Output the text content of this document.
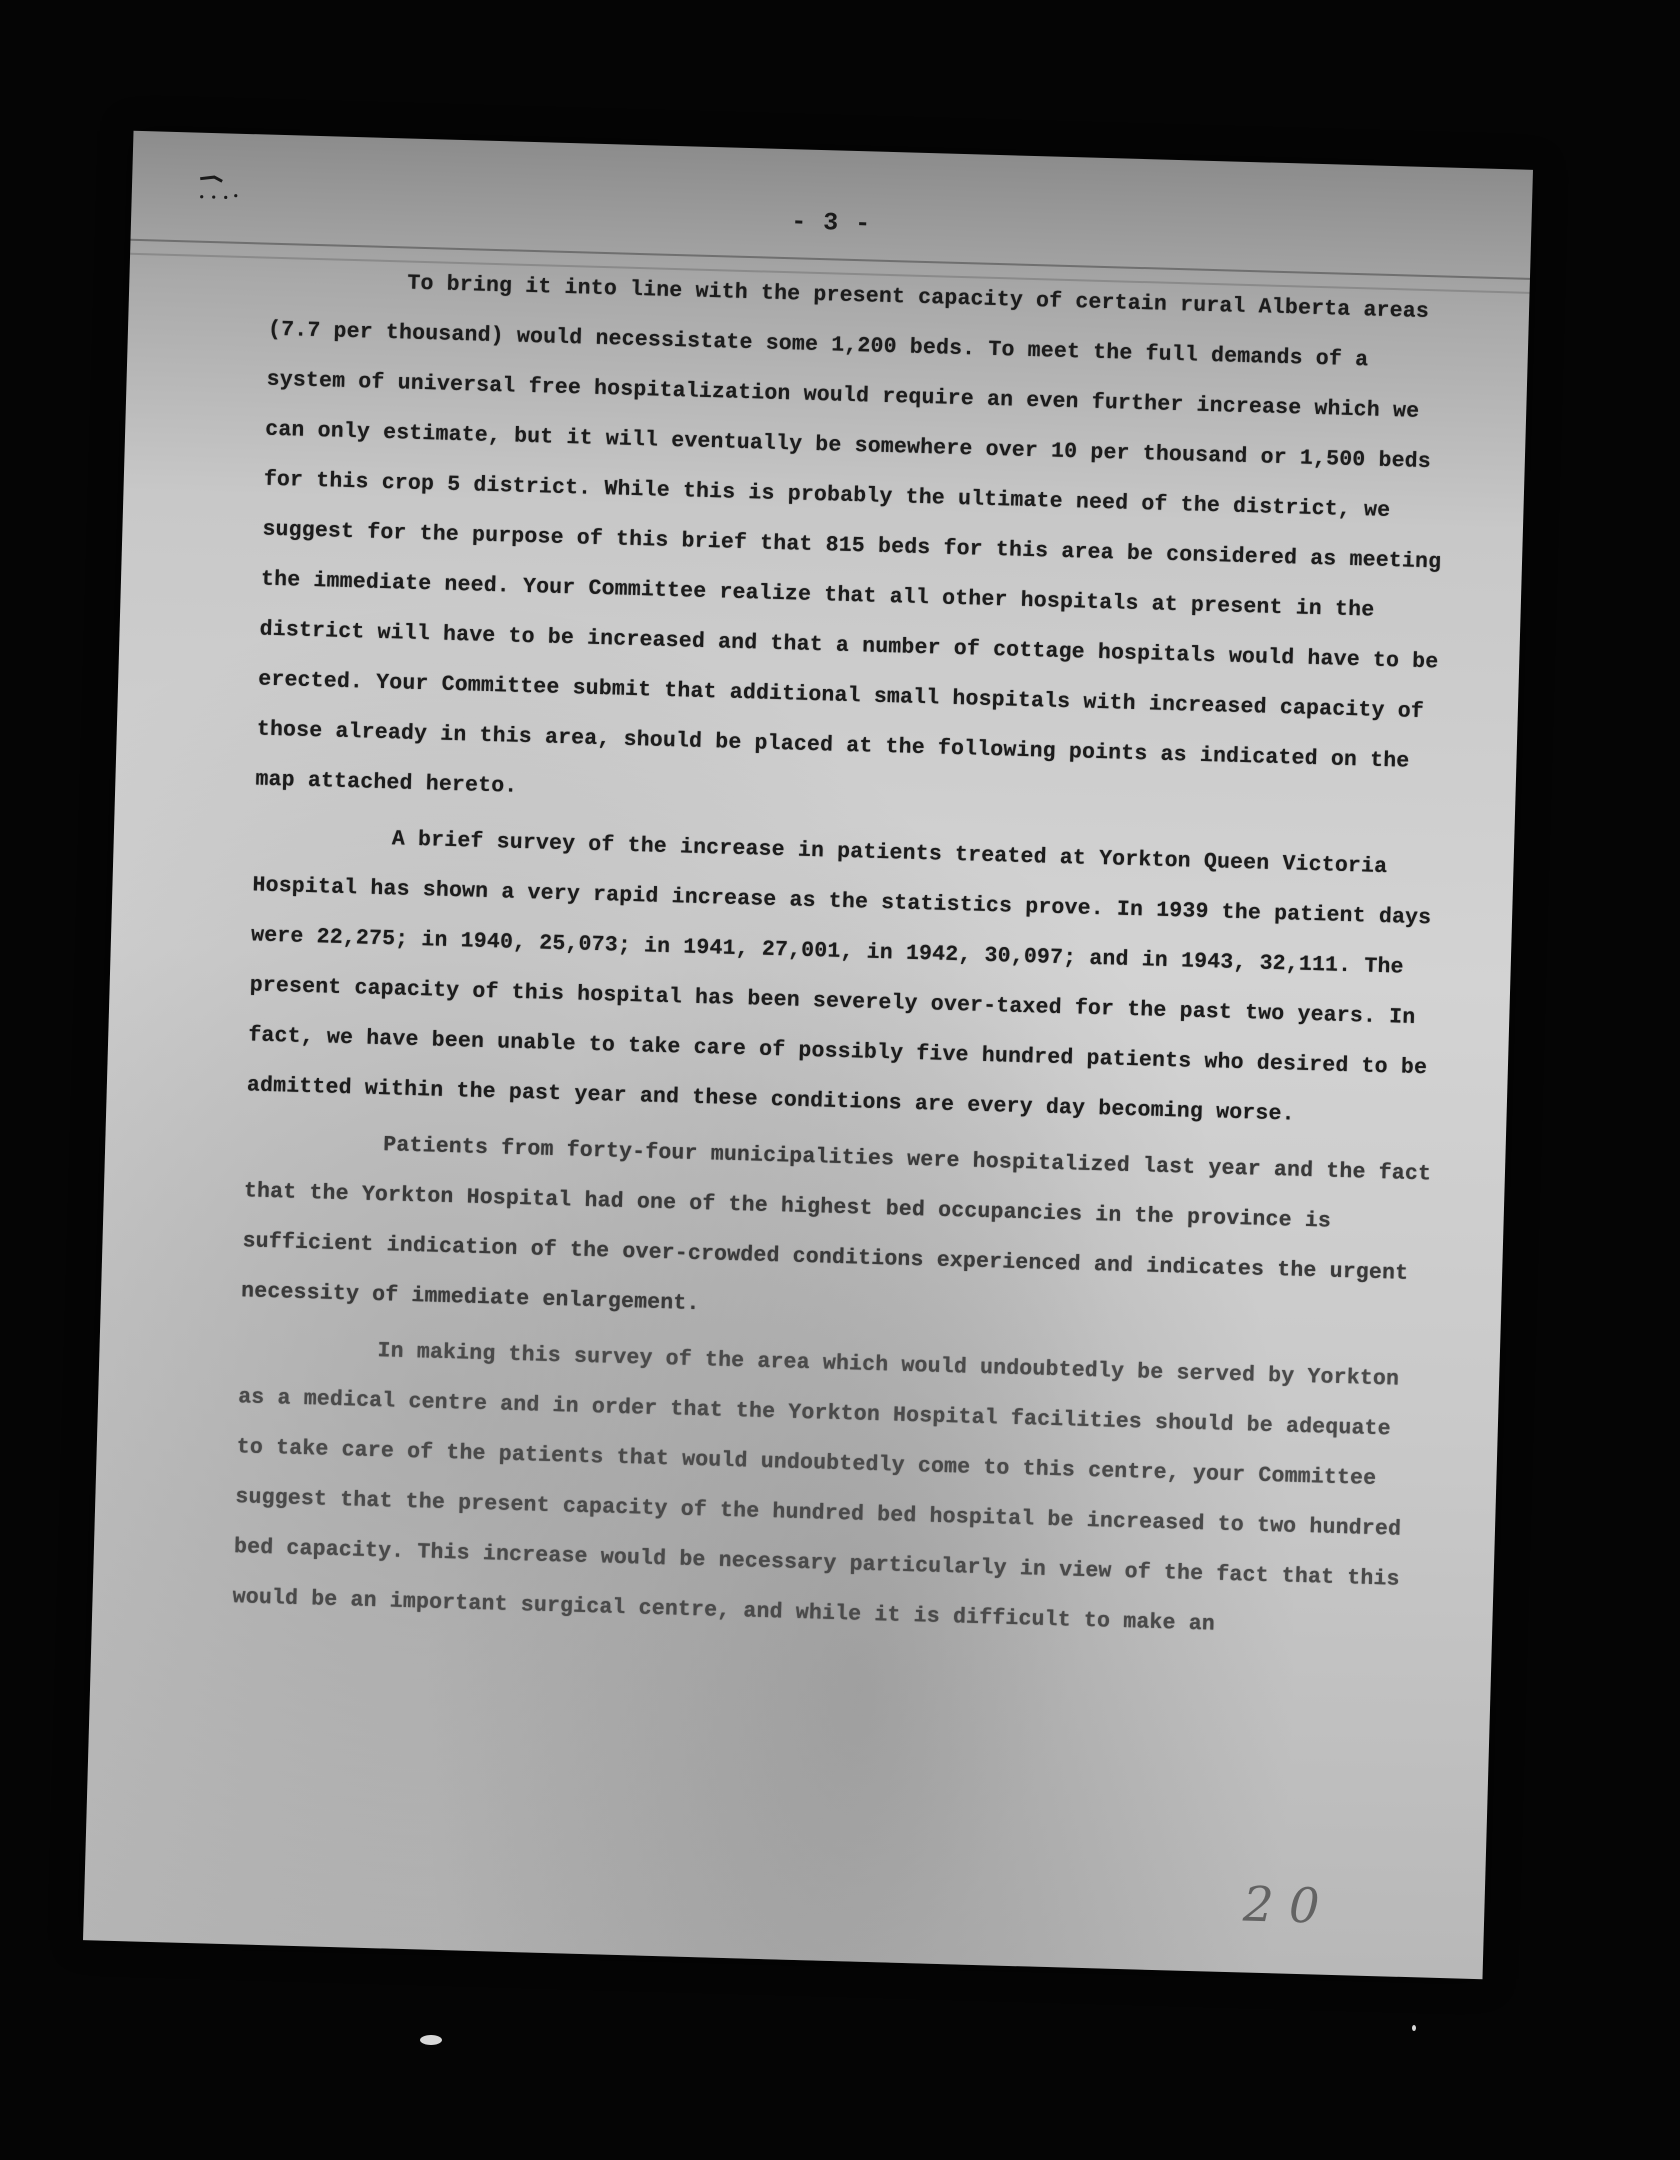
- 3 -

To bring it into line with the present capacity of certain rural Alberta areas (7.7 per thousand) would necessistate some 1,200 beds. To meet the full demands of a system of universal free hospitalization would require an even further increase which we can only estimate, but it will eventually be somewhere over 10 per thousand or 1,500 beds for this crop 5 district. While this is probably the ultimate need of the district, we suggest for the purpose of this brief that 815 beds for this area be considered as meeting the immediate need. Your Committee realize that all other hospitals at present in the district will have to be increased and that a number of cottage hospitals would have to be erected. Your Committee submit that additional small hospitals with increased capacity of those already in this area, should be placed at the following points as indicated on the map attached hereto.

A brief survey of the increase in patients treated at Yorkton Queen Victoria Hospital has shown a very rapid increase as the statistics prove. In 1939 the patient days were 22,275; in 1940, 25,073; in 1941, 27,001, in 1942, 30,097; and in 1943, 32,111. The present capacity of this hospital has been severely over-taxed for the past two years. In fact, we have been unable to take care of possibly five hundred patients who desired to be admitted within the past year and these conditions are every day becoming worse.

Patients from forty-four municipalities were hospitalized last year and the fact that the Yorkton Hospital had one of the highest bed occupancies in the province is sufficient indication of the over-crowded conditions experienced and indicates the urgent necessity of immediate enlargement.

In making this survey of the area which would undoubtedly be served by Yorkton as a medical centre and in order that the Yorkton Hospital facilities should be adequate to take care of the patients that would undoubtedly come to this centre, your Committee suggest that the present capacity of the hundred bed hospital be increased to two hundred bed capacity. This increase would be necessary particularly in view of the fact that this would be an important surgical centre, and while it is difficult to make an

2 0
